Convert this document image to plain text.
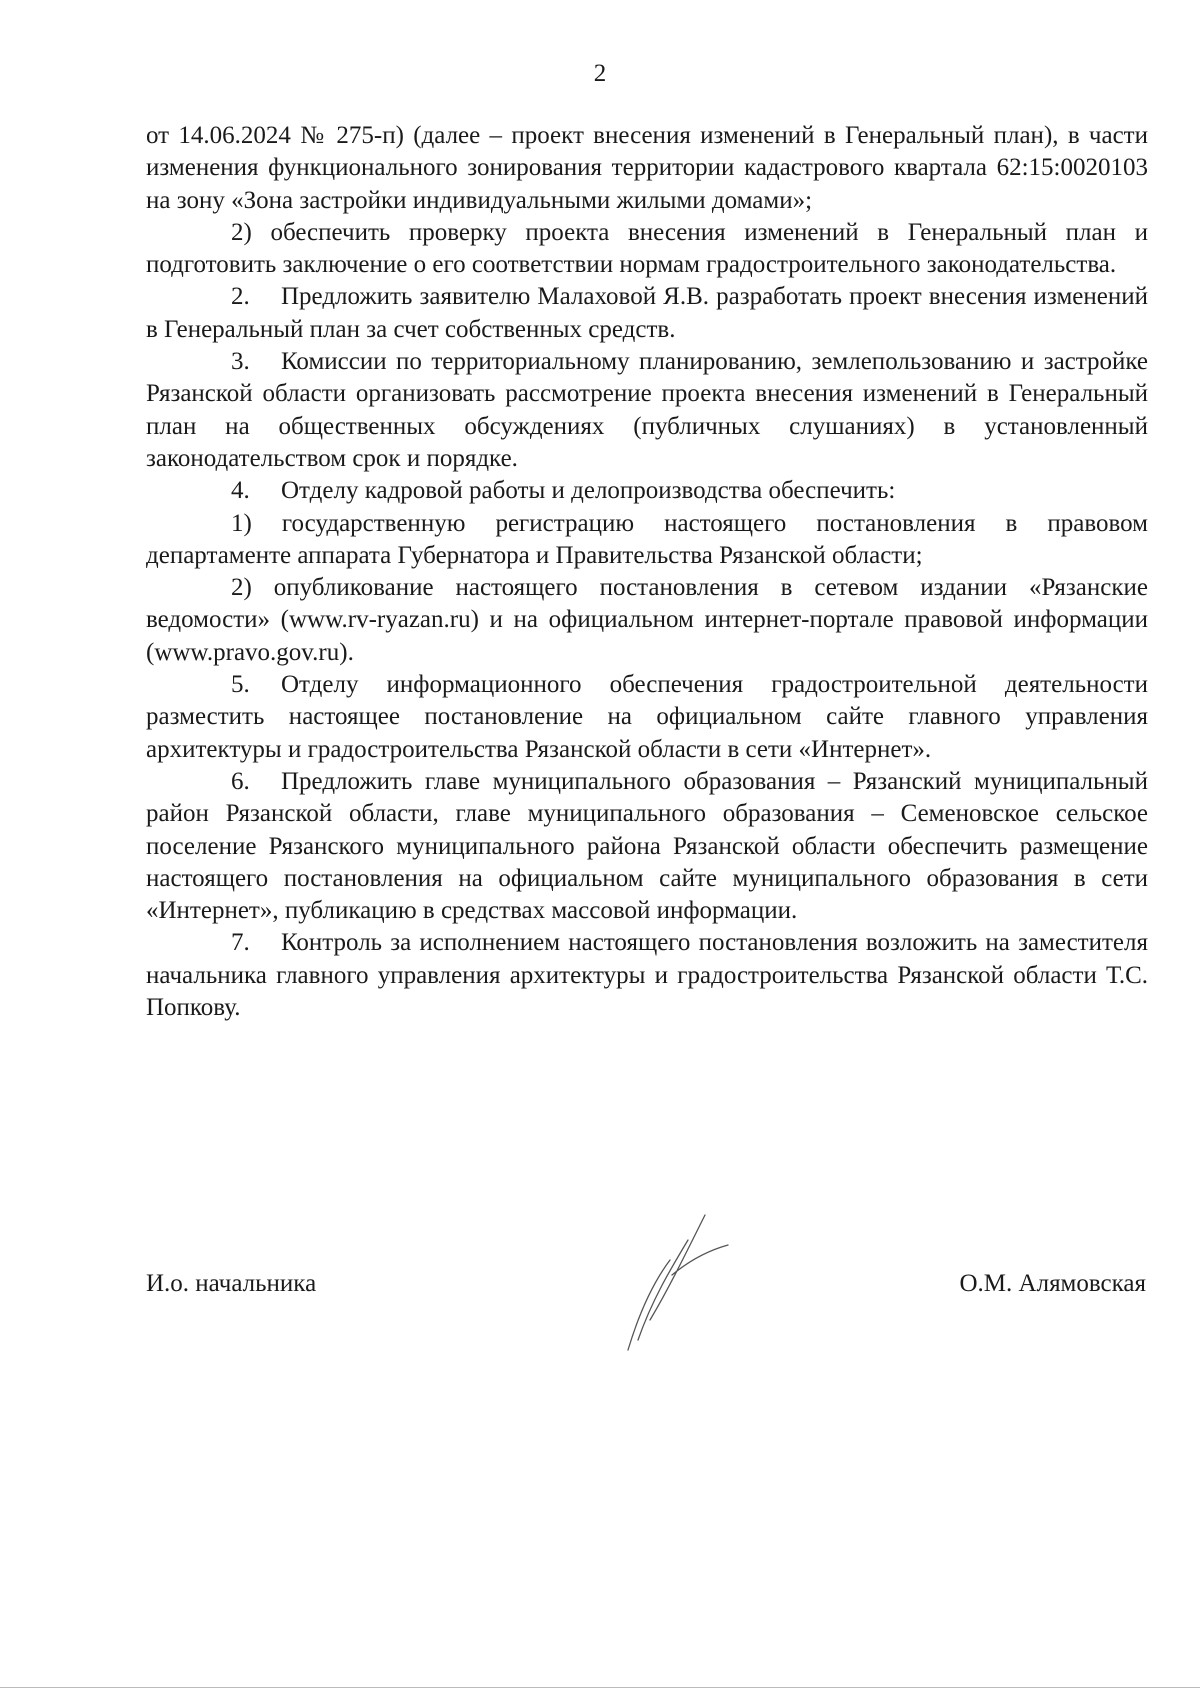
2

от 14.06.2024 № 275-п) (далее – проект внесения изменений в Генеральный план), в части изменения функционального зонирования территории кадастрового квартала 62:15:0020103 на зону «Зона застройки индивидуальными жилыми домами»;

2) обеспечить проверку проекта внесения изменений в Генеральный план и подготовить заключение о его соответствии нормам градостроительного законодательства.

2. Предложить заявителю Малаховой Я.В. разработать проект внесения изменений в Генеральный план за счет собственных средств.

3. Комиссии по территориальному планированию, землепользованию и застройке Рязанской области организовать рассмотрение проекта внесения изменений в Генеральный план на общественных обсуждениях (публичных слушаниях) в установленный законодательством срок и порядке.

4. Отделу кадровой работы и делопроизводства обеспечить:

1) государственную регистрацию настоящего постановления в правовом департаменте аппарата Губернатора и Правительства Рязанской области;

2) опубликование настоящего постановления в сетевом издании «Рязанские ведомости» (www.rv-ryazan.ru) и на официальном интернет-портале правовой информации (www.pravo.gov.ru).

5. Отделу информационного обеспечения градостроительной деятельности разместить настоящее постановление на официальном сайте главного управления архитектуры и градостроительства Рязанской области в сети «Интернет».

6. Предложить главе муниципального образования – Рязанский муниципальный район Рязанской области, главе муниципального образования – Семеновское сельское поселение Рязанского муниципального района Рязанской области обеспечить размещение настоящего постановления на официальном сайте муниципального образования в сети «Интернет», публикацию в средствах массовой информации.

7. Контроль за исполнением настоящего постановления возложить на заместителя начальника главного управления архитектуры и градостроительства Рязанской области Т.С. Попкову.

И.о. начальника	О.М. Алямовская
